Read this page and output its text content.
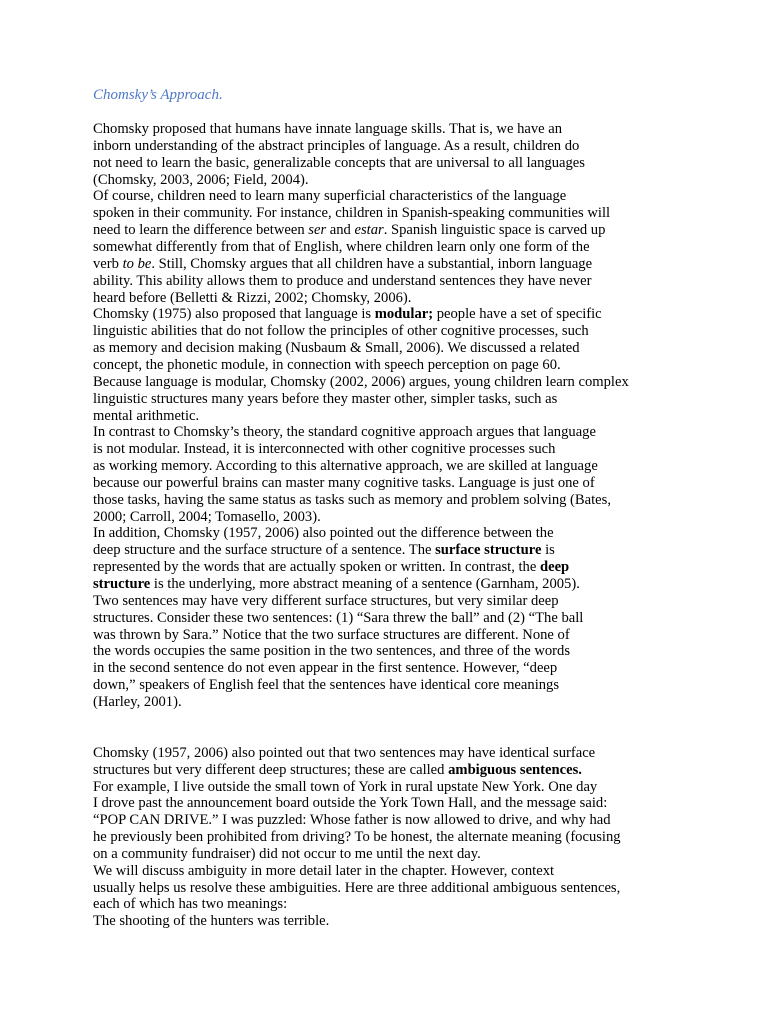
Chomsky’s Approach.

Chomsky proposed that humans have innate language skills. That is, we have an

inborn understanding of the abstract principles of language. As a result, children do

not need to learn the basic, generalizable concepts that are universal to all languages

(Chomsky, 2003, 2006; Field, 2004).

Of course, children need to learn many superficial characteristics of the language

spoken in their community. For instance, children in Spanish-speaking communities will

need to learn the difference between ser and estar. Spanish linguistic space is carved up

somewhat differently from that of English, where children learn only one form of the

verb to be. Still, Chomsky argues that all children have a substantial, inborn language

ability. This ability allows them to produce and understand sentences they have never

heard before (Belletti & Rizzi, 2002; Chomsky, 2006).

Chomsky (1975) also proposed that language is modular; people have a set of specific

linguistic abilities that do not follow the principles of other cognitive processes, such

as memory and decision making (Nusbaum & Small, 2006). We discussed a related

concept, the phonetic module, in connection with speech perception on page 60.

Because language is modular, Chomsky (2002, 2006) argues, young children learn complex

linguistic structures many years before they master other, simpler tasks, such as

mental arithmetic.

In contrast to Chomsky’s theory, the standard cognitive approach argues that language

is not modular. Instead, it is interconnected with other cognitive processes such

as working memory. According to this alternative approach, we are skilled at language

because our powerful brains can master many cognitive tasks. Language is just one of

those tasks, having the same status as tasks such as memory and problem solving (Bates,

2000; Carroll, 2004; Tomasello, 2003).

In addition, Chomsky (1957, 2006) also pointed out the difference between the

deep structure and the surface structure of a sentence. The surface structure is

represented by the words that are actually spoken or written. In contrast, the deep

structure is the underlying, more abstract meaning of a sentence (Garnham, 2005).

Two sentences may have very different surface structures, but very similar deep

structures. Consider these two sentences: (1) “Sara threw the ball” and (2) “The ball

was thrown by Sara.” Notice that the two surface structures are different. None of

the words occupies the same position in the two sentences, and three of the words

in the second sentence do not even appear in the first sentence. However, “deep

down,” speakers of English feel that the sentences have identical core meanings

(Harley, 2001).

Chomsky (1957, 2006) also pointed out that two sentences may have identical surface

structures but very different deep structures; these are called ambiguous sentences.

For example, I live outside the small town of York in rural upstate New York. One day

I drove past the announcement board outside the York Town Hall, and the message said:

“POP CAN DRIVE.” I was puzzled: Whose father is now allowed to drive, and why had

he previously been prohibited from driving? To be honest, the alternate meaning (focusing

on a community fundraiser) did not occur to me until the next day.

We will discuss ambiguity in more detail later in the chapter. However, context

usually helps us resolve these ambiguities. Here are three additional ambiguous sentences,

each of which has two meanings:

The shooting of the hunters was terrible.
